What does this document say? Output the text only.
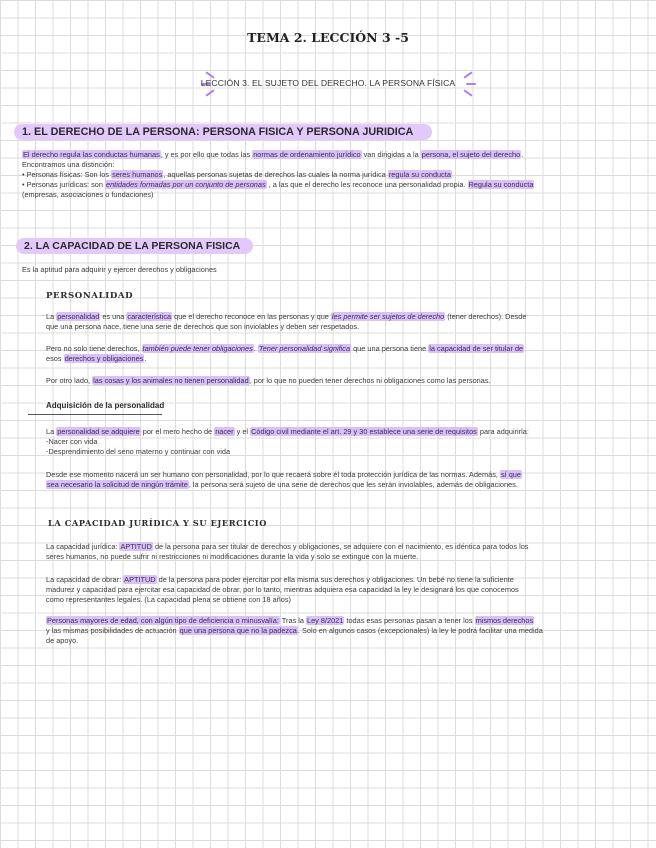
TEMA 2. LECCIÓN 3 -5
LECCIÓN 3. EL SUJETO DEL DERECHO. LA PERSONA FÍSICA
1. EL DERECHO DE LA PERSONA: PERSONA FISICA Y PERSONA JURIDICA
El derecho regula las conductas humanas, y es por ello que todas las normas de ordenamiento jurídico van dirigidas a la persona, el sujeto del derecho.
Encontramos una distinción:
• Personas físicas: Son los seres humanos, aquellas personas sujetas de derechos las cuales la norma jurídica regula su conducta
• Personas jurídicas: son entidades formadas por un conjunto de personas , a las que el derecho les reconoce una personalidad propia. Regula su conducta
(empresas, asociaciones o fundaciones)
2. LA CAPACIDAD DE LA PERSONA FISICA
Es la aptitud para adquirir y ejercer derechos y obligaciones
PERSONALIDAD
La personalidad es una característica que el derecho reconoce en las personas y que les permite ser sujetos de derecho (tener derechos). Desde
que una persona nace, tiene una serie de derechos que son inviolables y deben ser respetados.
Pero no solo tiene derechos, también puede tener obligaciones. Tener personalidad significa que una persona tiene la capacidad de ser titular de
esos derechos y obligaciones.
Por otro lado, las cosas y los animales no tienen personalidad, por lo que no pueden tener derechos ni obligaciones como las personas.
Adquisición de la personalidad
La personalidad se adquiere por el mero hecho de nacer y el Código civil mediante el art. 29 y 30 establece una serie de requisitos para adquirirla:
-Nacer con vida
-Desprendimiento del seno materno y continuar con vida
Desde ese momento nacerá un ser humano con personalidad, por lo que recaerá sobre él toda protección jurídica de las normas. Además, sí que
sea necesario la solicitud de ningún trámite, la persona será sujeto de una serie de derechos que les serán inviolables, además de obligaciones.
LA CAPACIDAD JURÍDICA Y SU EJERCICIO
La capacidad jurídica: APTITUD de la persona para ser titular de derechos y obligaciones, se adquiere con el nacimiento, es idéntica para todos los
seres humanos, no puede sufrir ni restricciones ni modificaciones durante la vida y solo se extingue con la muerte.
La capacidad de obrar: APTITUD de la persona para poder ejercitar por ella misma sus derechos y obligaciones. Un bebé no tiene la suficiente
madurez y capacidad para ejercitar esa capacidad de obrar, por lo tanto, mientras adquiera esa capacidad la ley le designará los que conocemos
como representantes legales. (La capacidad plena se obtiene con 18 años)
Personas mayores de edad, con algún tipo de deficiencia o minusvalía: Tras la Ley 8/2021 todas esas personas pasan a tener los mismos derechos
y las mismas posibilidades de actuación que una persona que no la padezca. Solo en algunos casos (excepcionales) la ley le podrá facilitar una medida
de apoyo.
